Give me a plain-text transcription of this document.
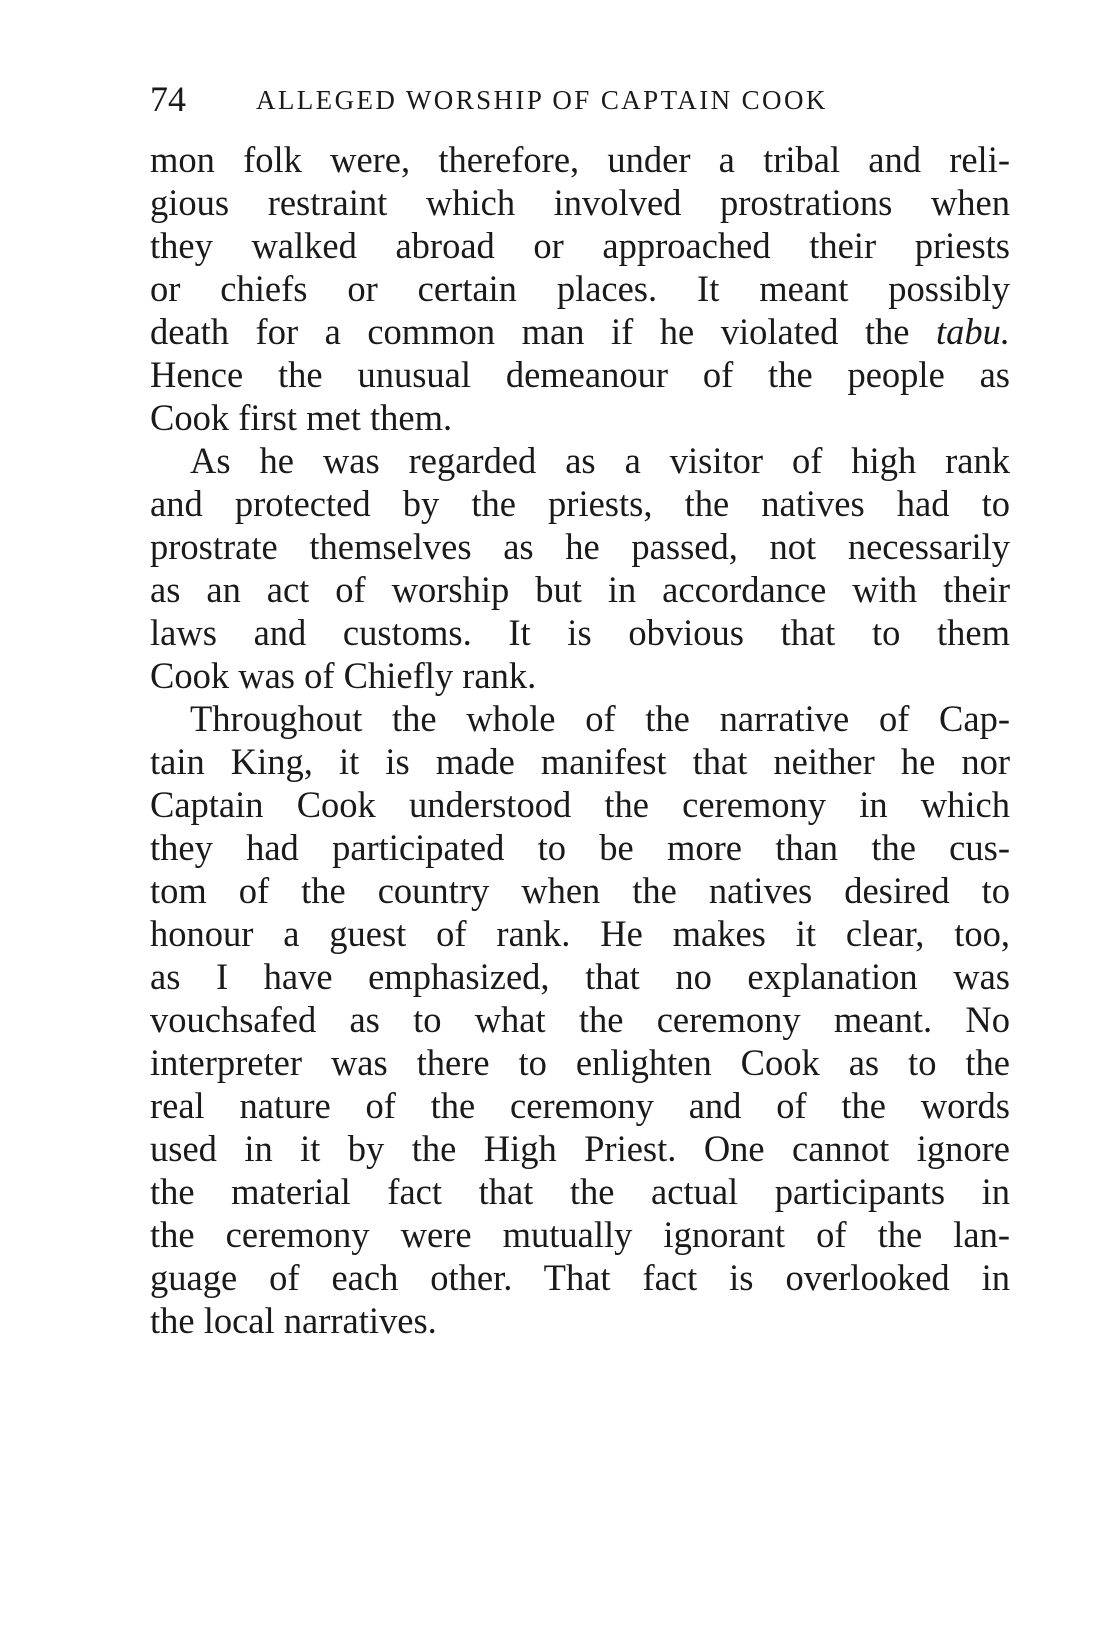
74	ALLEGED WORSHIP OF CAPTAIN COOK
mon folk were, therefore, under a tribal and reli-
gious restraint which involved prostrations when
they walked abroad or approached their priests
or chiefs or certain places. It meant possibly
death for a common man if he violated the tabu.
Hence the unusual demeanour of the people as
Cook first met them.
As he was regarded as a visitor of high rank
and protected by the priests, the natives had to
prostrate themselves as he passed, not necessarily
as an act of worship but in accordance with their
laws and customs. It is obvious that to them
Cook was of Chiefly rank.
Throughout the whole of the narrative of Cap-
tain King, it is made manifest that neither he nor
Captain Cook understood the ceremony in which
they had participated to be more than the cus-
tom of the country when the natives desired to
honour a guest of rank. He makes it clear, too,
as I have emphasized, that no explanation was
vouchsafed as to what the ceremony meant. No
interpreter was there to enlighten Cook as to the
real nature of the ceremony and of the words
used in it by the High Priest. One cannot ignore
the material fact that the actual participants in
the ceremony were mutually ignorant of the lan-
guage of each other. That fact is overlooked in
the local narratives.
